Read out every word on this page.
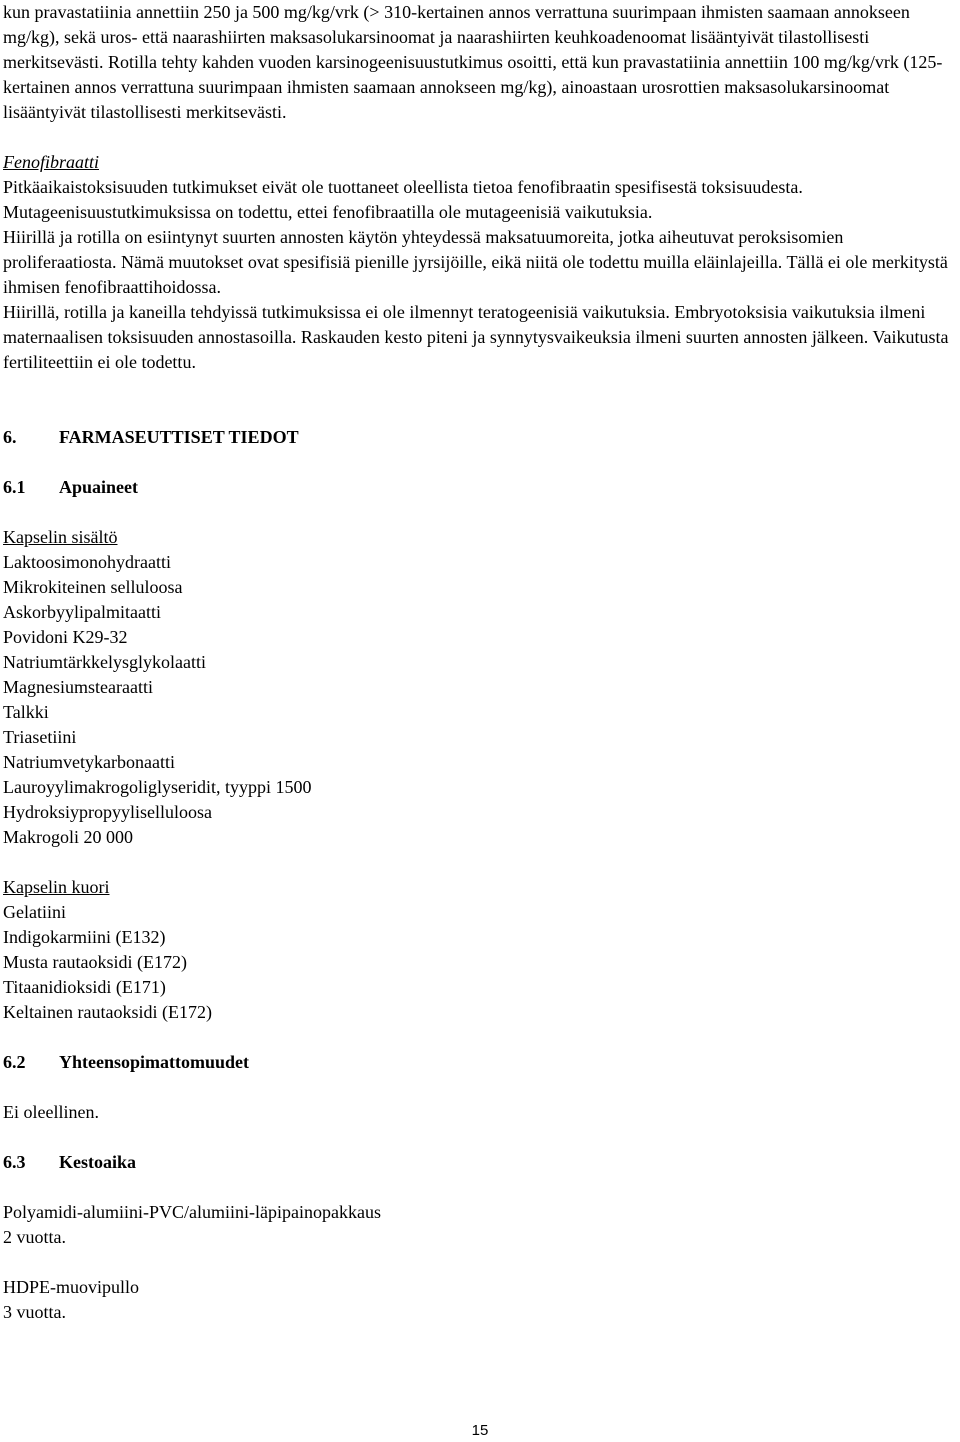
kun pravastatiinia annettiin 250 ja 500 mg/kg/vrk (> 310-kertainen annos verrattuna suurimpaan ihmisten saamaan annokseen mg/kg), sekä uros- että naarashiirten maksasolukarsinoomat ja naarashiirten keuhkoadenoomat lisääntyivät tilastollisesti merkitsevästi. Rotilla tehty kahden vuoden karsinogeenisuustutkimus osoitti, että kun pravastatiinia annettiin 100 mg/kg/vrk (125-kertainen annos verrattuna suurimpaan ihmisten saamaan annokseen mg/kg), ainoastaan urosrottien maksasolukarsinoomat lisääntyivät tilastollisesti merkitsevästi.

Fenofibraatti

Pitkäaikaistoksisuuden tutkimukset eivät ole tuottaneet oleellista tietoa fenofibraatin spesifisestä toksisuudesta. Mutageenisuustutkimuksissa on todettu, ettei fenofibraatilla ole mutageenisiä vaikutuksia.

Hiirillä ja rotilla on esiintynyt suurten annosten käytön yhteydessä maksatuumoreita, jotka aiheutuvat peroksisomien proliferaatiosta. Nämä muutokset ovat spesifisiä pienille jyrsijöille, eikä niitä ole todettu muilla eläinlajeilla. Tällä ei ole merkitystä ihmisen fenofibraattihoidossa.

Hiirillä, rotilla ja kaneilla tehdyissä tutkimuksissa ei ole ilmennyt teratogeenisiä vaikutuksia. Embryotoksisia vaikutuksia ilmeni maternaalisen toksisuuden annostasoilla. Raskauden kesto piteni ja synnytysvaikeuksia ilmeni suurten annosten jälkeen. Vaikutusta fertiliteettiin ei ole todettu.

6.	FARMASEUTTISET TIEDOT
6.1	Apuaineet

Kapselin sisältö

Laktoosimonohydraatti
Mikrokiteinen selluloosa
Askorbyylipalmitaatti
Povidoni K29-32
Natriumtärkkelysglykolaatti
Magnesiumstearaatti
Talkki
Triasetiini
Natriumvetykarbonaatti
Lauroyylimakrogoliglyseridit, tyyppi 1500
Hydroksiypropyyliselluloosa
Makrogoli 20 000

Kapselin kuori

Gelatiini
Indigokarmiini (E132)
Musta rautaoksidi (E172)
Titaanidioksidi (E171)
Keltainen rautaoksidi (E172)
6.2	Yhteensopimattomuudet

Ei oleellinen.

6.3	Kestoaika

Polyamidi-alumiini-PVC/alumiini-läpipainopakkaus

2 vuotta.

HDPE-muovipullo

3 vuotta.

15
